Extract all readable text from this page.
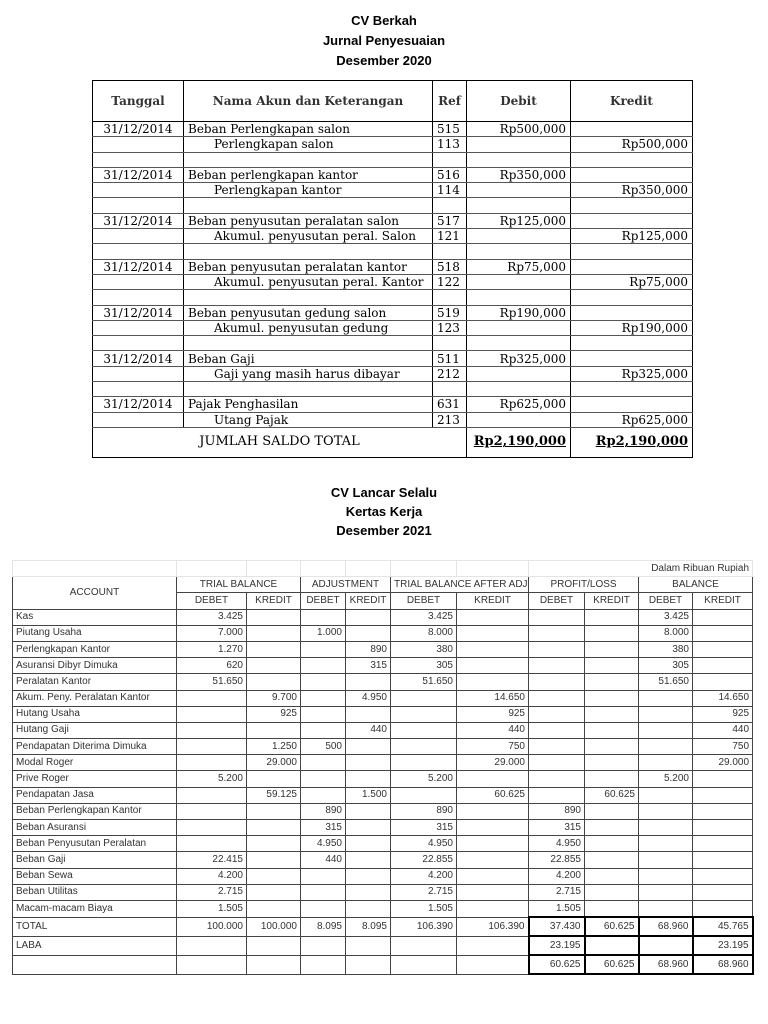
CV Berkah
Jurnal Penyesuaian
Desember 2020
Tanggal	Nama Akun dan Keterangan	Ref	Debit	Kredit
31/12/2014	Beban Perlengkapan salon	515	Rp500,000	
	Perlengkapan salon	113		Rp500,000

31/12/2014	Beban perlengkapan kantor	516	Rp350,000	
	Perlengkapan kantor	114		Rp350,000

31/12/2014	Beban penyusutan peralatan salon	517	Rp125,000	
	Akumul. penyusutan peral. Salon	121		Rp125,000

31/12/2014	Beban penyusutan peralatan kantor	518	Rp75,000	
	Akumul. penyusutan peral. Kantor	122		Rp75,000

31/12/2014	Beban penyusutan gedung salon	519	Rp190,000	
	Akumul. penyusutan gedung	123		Rp190,000

31/12/2014	Beban Gaji	511	Rp325,000	
	Gaji yang masih harus dibayar	212		Rp325,000

31/12/2014	Pajak Penghasilan	631	Rp625,000	
	Utang Pajak	213		Rp625,000
JUMLAH SALDO TOTAL			Rp2,190,000	Rp2,190,000
CV Lancar Selalu
Kertas Kerja
Desember 2021
							Dalam Ribuan Rupiah			
ACCOUNT	TRIAL BALANCE		ADJUSTMENT		TRIAL BALANCE AFTER ADJ		PROFIT/LOSS		BALANCE	
	DEBET	KREDIT	DEBET	KREDIT	DEBET	KREDIT	DEBET	KREDIT	DEBET	KREDIT
Kas	3.425				3.425				3.425	
Piutang Usaha	7.000		1.000		8.000				8.000	
Perlengkapan Kantor	1.270			890	380				380	
Asuransi Dibyr Dimuka	620			315	305				305	
Peralatan Kantor	51.650				51.650				51.650	
Akum. Peny. Peralatan Kantor		9.700		4.950		14.650				14.650
Hutang Usaha		925				925				925
Hutang Gaji				440		440				440
Pendapatan Diterima Dimuka		1.250	500			750				750
Modal Roger		29.000				29.000				29.000
Prive Roger	5.200				5.200				5.200	
Pendapatan Jasa		59.125		1.500		60.625		60.625		
Beban Perlengkapan Kantor			890		890		890			
Beban Asuransi			315		315		315			
Beban Penyusutan Peralatan			4.950		4.950		4.950			
Beban Gaji	22.415		440		22.855		22.855			
Beban Sewa	4.200				4.200		4.200			
Beban Utilitas	2.715				2.715		2.715			
Macam-macam Biaya	1.505				1.505		1.505			
TOTAL	100.000	100.000	8.095	8.095	106.390	106.390	37.430	60.625	68.960	45.765
LABA							23.195			23.195
							60.625	60.625	68.960	68.960
